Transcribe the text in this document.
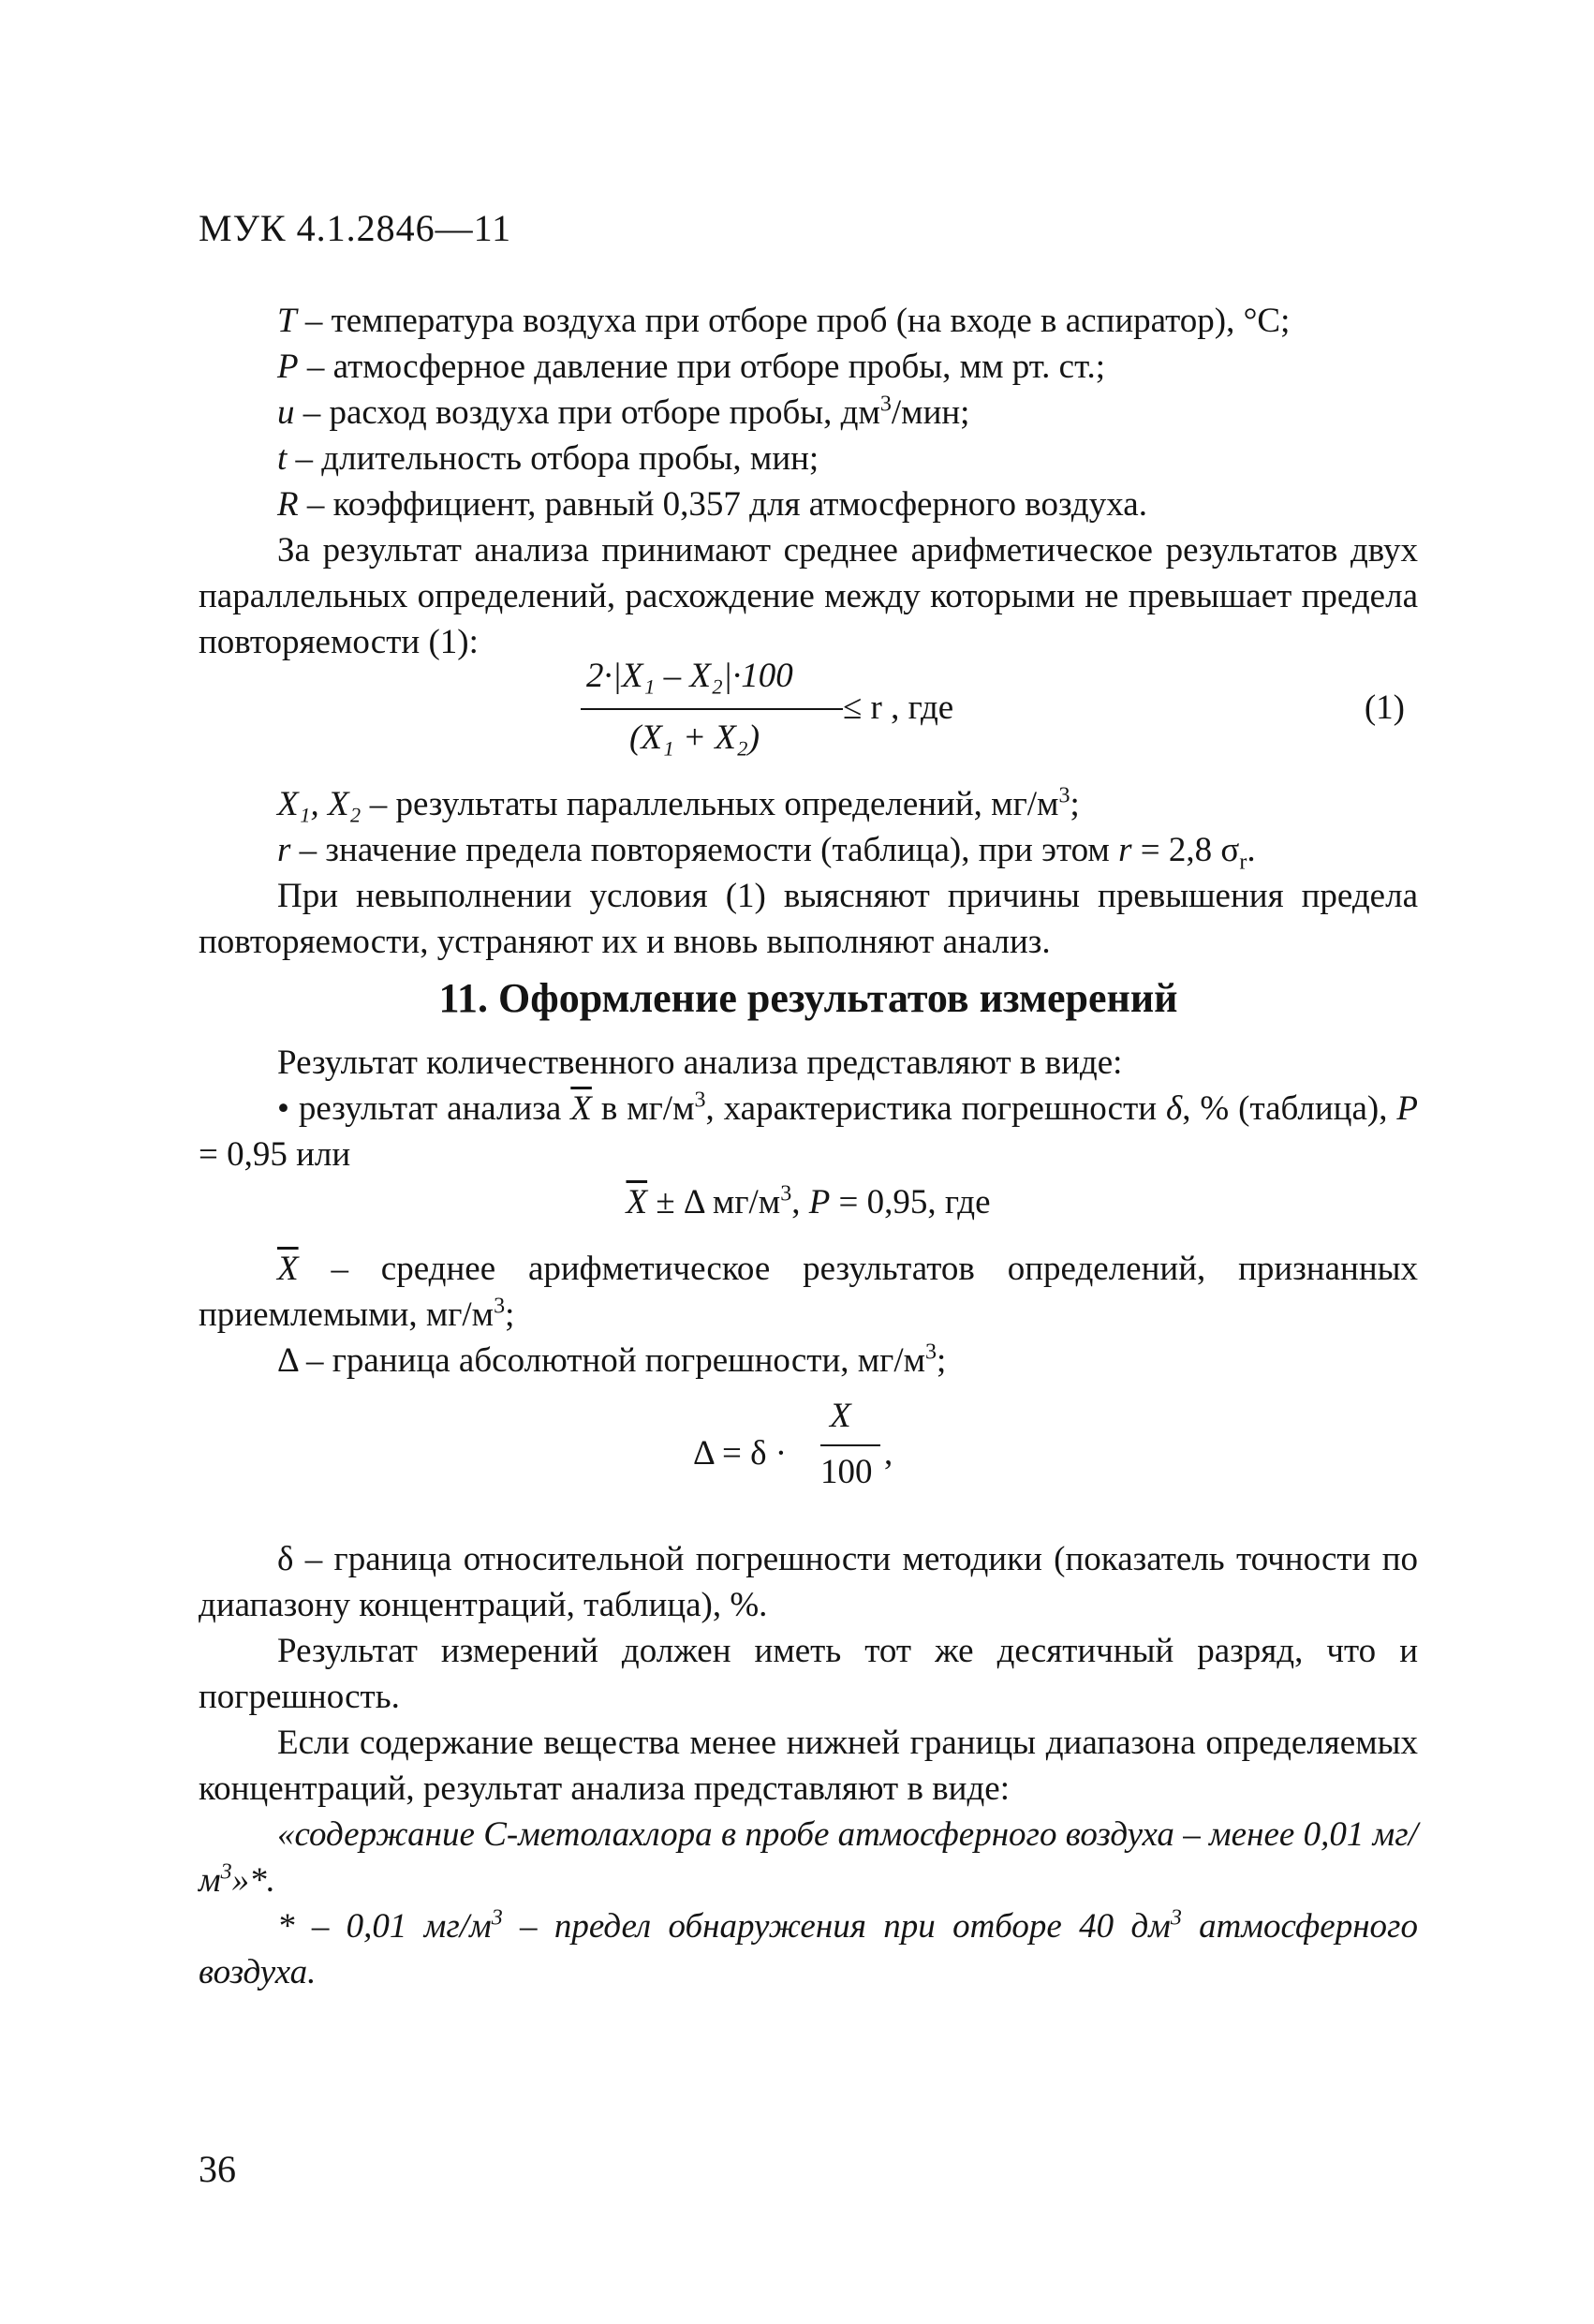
МУК 4.1.2846—11

T – температура воздуха при отборе проб (на входе в аспиратор), °С;

P – атмосферное давление при отборе пробы, мм рт. ст.;

u – расход воздуха при отборе пробы, $дм^3$/мин;

t – длительность отбора пробы, мин;

R – коэффициент, равный 0,357 для атмосферного воздуха.

За результат анализа принимают среднее арифметическое результатов двух параллельных определений, расхождение между которыми не превышает предела повторяемости (1):

2·|X₁ – X₂|·100
(X₁ + X₂)
≤ r , где	(1)

X₁, X₂ – результаты параллельных определений, $мг/м^3$;

r – значение предела повторяемости (таблица), при этом r = 2,8 $\sigma_r$.

При невыполнении условия (1) выясняют причины превышения предела повторяемости, устраняют их и вновь выполняют анализ.

11. Оформление результатов измерений

Результат количественного анализа представляют в виде:

• результат анализа $\overline{X}$ в $мг/м^3$, характеристика погрешности δ, % (таблица), P = 0,95 или

$\overline{X} \pm \Delta$ $мг/м^3$, P = 0,95, где

$\overline{X}$ – среднее арифметическое результатов определений, признанных приемлемыми, $мг/м^3$;

Δ – граница абсолютной погрешности, $мг/м^3$;

Δ = δ ·
X
100 ,

δ – граница относительной погрешности методики (показатель точности по диапазону концентраций, таблица), %.

Результат измерений должен иметь тот же десятичный разряд, что и погрешность.

Если содержание вещества менее нижней границы диапазона определяемых концентраций, результат анализа представляют в виде:

«содержание С-метолахлора в пробе атмосферного воздуха – менее 0,01 $мг/м^3»*$.

* – 0,01 $мг/м^3$ – предел обнаружения при отборе 40 $дм^3$ атмосферного воздуха.

36
